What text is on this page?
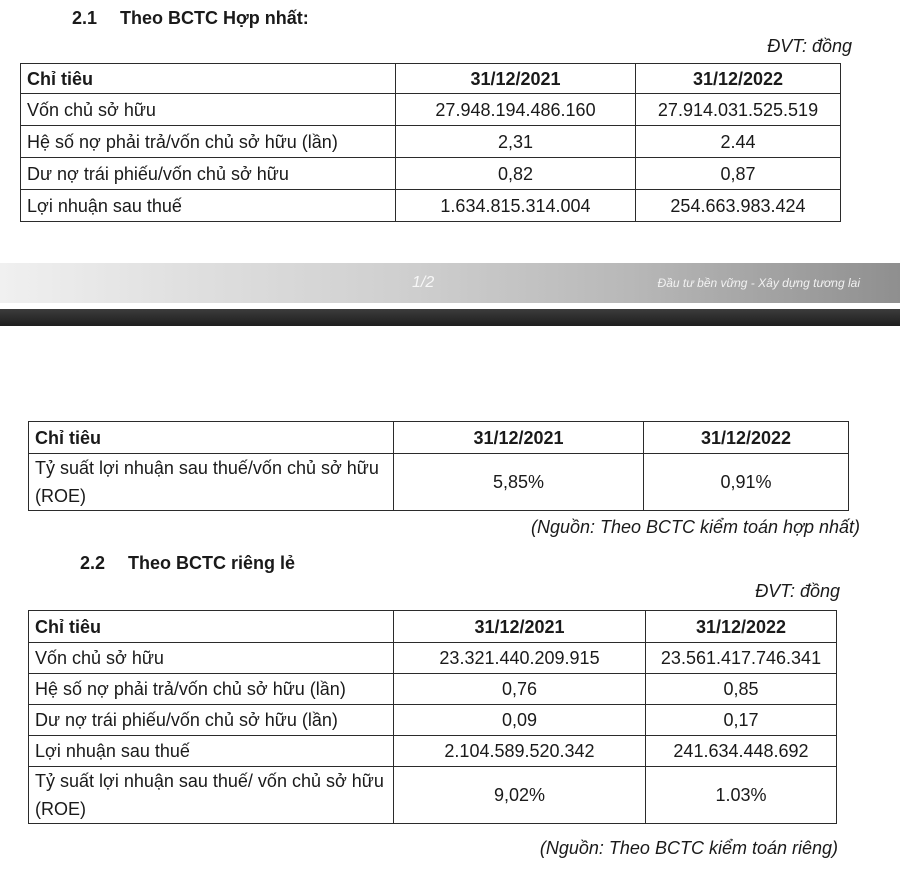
2.1 Theo BCTC Hợp nhất:

ĐVT: đồng

Chỉ tiêu	31/12/2021	31/12/2022
Vốn chủ sở hữu	27.948.194.486.160	27.914.031.525.519
Hệ số nợ phải trả/vốn chủ sở hữu (lần)	2,31	2.44
Dư nợ trái phiếu/vốn chủ sở hữu	0,82	0,87
Lợi nhuận sau thuế	1.634.815.314.004	254.663.983.424
1/2	Đầu tư bền vững - Xây dựng tương lai
Chỉ tiêu	31/12/2021	31/12/2022
Tỷ suất lợi nhuận sau thuế/vốn chủ sở hữu (ROE)	5,85%	0,91%

(Nguồn: Theo BCTC kiểm toán hợp nhất)

2.2 Theo BCTC riêng lẻ

ĐVT: đồng

Chỉ tiêu	31/12/2021	31/12/2022
Vốn chủ sở hữu	23.321.440.209.915	23.561.417.746.341
Hệ số nợ phải trả/vốn chủ sở hữu (lần)	0,76	0,85
Dư nợ trái phiếu/vốn chủ sở hữu (lần)	0,09	0,17
Lợi nhuận sau thuế	2.104.589.520.342	241.634.448.692
Tỷ suất lợi nhuận sau thuế/ vốn chủ sở hữu (ROE)	9,02%	1.03%

(Nguồn: Theo BCTC kiểm toán riêng)
